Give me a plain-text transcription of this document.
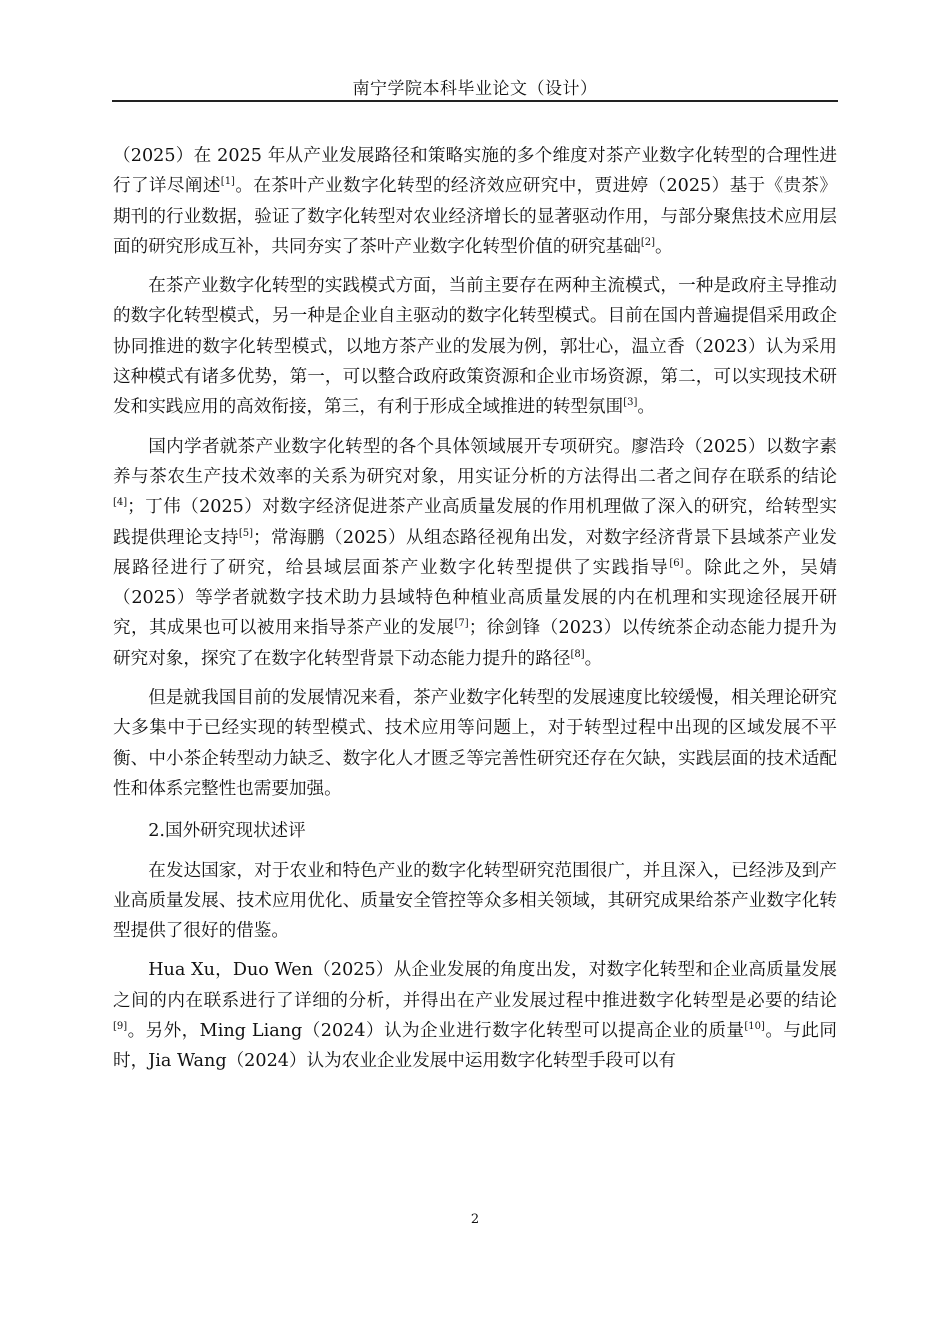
南宁学院本科毕业论文（设计）

（2025）在 2025 年从产业发展路径和策略实施的多个维度对茶产业数字化转型的合理性进行了详尽阐述[1]。在茶叶产业数字化转型的经济效应研究中，贾进婷（2025）基于《贵茶》期刊的行业数据，验证了数字化转型对农业经济增长的显著驱动作用，与部分聚焦技术应用层面的研究形成互补，共同夯实了茶叶产业数字化转型价值的研究基础[2]。

在茶产业数字化转型的实践模式方面，当前主要存在两种主流模式，一种是政府主导推动的数字化转型模式，另一种是企业自主驱动的数字化转型模式。目前在国内普遍提倡采用政企协同推进的数字化转型模式，以地方茶产业的发展为例，郭壮心，温立香（2023）认为采用这种模式有诸多优势，第一，可以整合政府政策资源和企业市场资源，第二，可以实现技术研发和实践应用的高效衔接，第三，有利于形成全域推进的转型氛围[3]。

国内学者就茶产业数字化转型的各个具体领域展开专项研究。廖浩玲（2025）以数字素养与茶农生产技术效率的关系为研究对象，用实证分析的方法得出二者之间存在联系的结论[4]；丁伟（2025）对数字经济促进茶产业高质量发展的作用机理做了深入的研究，给转型实践提供理论支持[5]；常海鹏（2025）从组态路径视角出发，对数字经济背景下县域茶产业发展路径进行了研究，给县域层面茶产业数字化转型提供了实践指导[6]。除此之外，吴婧（2025）等学者就数字技术助力县域特色种植业高质量发展的内在机理和实现途径展开研究，其成果也可以被用来指导茶产业的发展[7]；徐剑锋（2023）以传统茶企动态能力提升为研究对象，探究了在数字化转型背景下动态能力提升的路径[8]。

但是就我国目前的发展情况来看，茶产业数字化转型的发展速度比较缓慢，相关理论研究大多集中于已经实现的转型模式、技术应用等问题上，对于转型过程中出现的区域发展不平衡、中小茶企转型动力缺乏、数字化人才匮乏等完善性研究还存在欠缺，实践层面的技术适配性和体系完整性也需要加强。

2.国外研究现状述评

在发达国家，对于农业和特色产业的数字化转型研究范围很广，并且深入，已经涉及到产业高质量发展、技术应用优化、质量安全管控等众多相关领域，其研究成果给茶产业数字化转型提供了很好的借鉴。

Hua Xu，Duo Wen（2025）从企业发展的角度出发，对数字化转型和企业高质量发展之间的内在联系进行了详细的分析，并得出在产业发展过程中推进数字化转型是必要的结论[9]。另外，Ming Liang（2024）认为企业进行数字化转型可以提高企业的质量[10]。与此同时，Jia Wang（2024）认为农业企业发展中运用数字化转型手段可以有

2
